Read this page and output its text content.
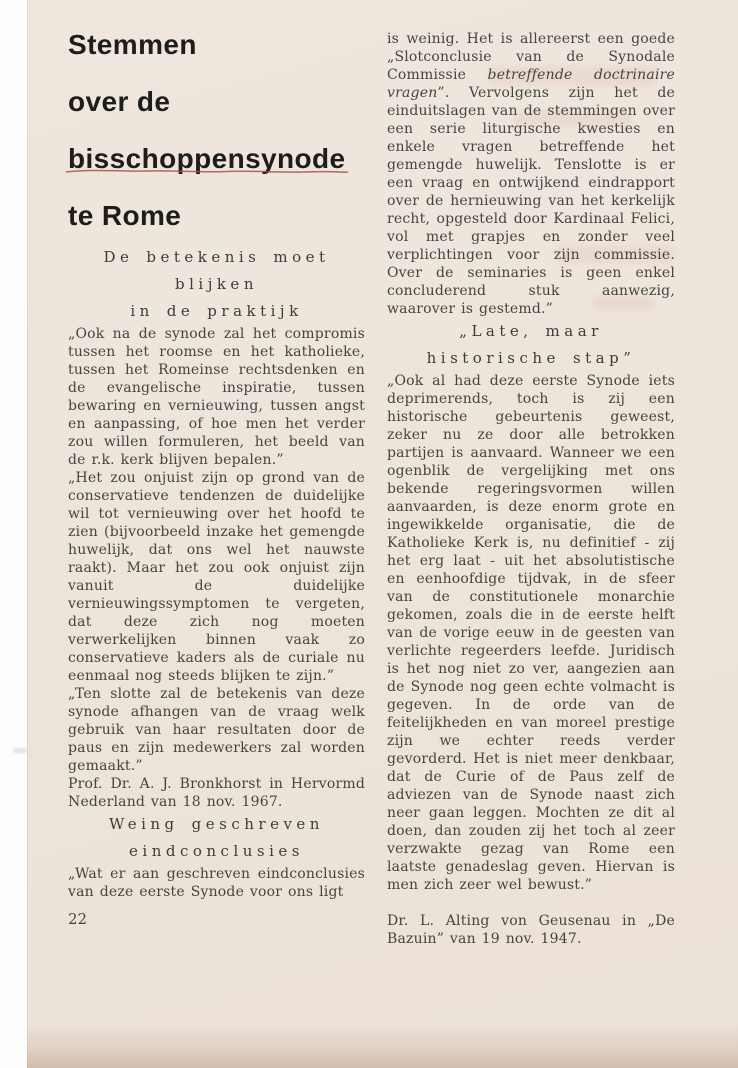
Stemmen
over de
bisschoppensynode
te Rome
De betekenis moet blijken
in de praktijk

„Ook na de synode zal het compromis tussen het roomse en het katholieke, tussen het Romeinse rechtsdenken en de evangelische inspiratie, tussen bewaring en vernieuwing, tussen angst en aanpassing, of hoe men het verder zou willen formuleren, het beeld van de r.k. kerk blijven bepalen.”

„Het zou onjuist zijn op grond van de conservatieve tendenzen de duidelijke wil tot vernieuwing over het hoofd te zien (bijvoorbeeld inzake het gemengde huwelijk, dat ons wel het nauwste raakt). Maar het zou ook onjuist zijn vanuit de duidelijke vernieuwingssymptomen te vergeten, dat deze zich nog moeten verwerkelijken binnen vaak zo conservatieve kaders als de curiale nu eenmaal nog steeds blijken te zijn.”

„Ten slotte zal de betekenis van deze synode afhangen van de vraag welk gebruik van haar resultaten door de paus en zijn medewerkers zal worden gemaakt.”

Prof. Dr. A. J. Bronkhorst in Hervormd Nederland van 18 nov. 1967.

Weing geschreven
eindconclusies

„Wat er aan geschreven eindconclusies van deze eerste Synode voor ons ligt

22

is weinig. Het is allereerst een goede „Slotconclusie van de Synodale Commissie betreffende doctrinaire vragen”. Vervolgens zijn het de einduitslagen van de stemmingen over een serie liturgische kwesties en enkele vragen betreffende het gemengde huwelijk. Tenslotte is er een vraag en ontwijkend eindrapport over de hernieuwing van het kerkelijk recht, opgesteld door Kardinaal Felici, vol met grapjes en zonder veel verplichtingen voor zijn commissie. Over de seminaries is geen enkel concluderend stuk aanwezig, waarover is gestemd.”

„Late, maar
historische stap”

„Ook al had deze eerste Synode iets deprimerends, toch is zij een historische gebeurtenis geweest, zeker nu ze door alle betrokken partijen is aanvaard. Wanneer we een ogenblik de vergelijking met ons bekende regeringsvormen willen aanvaarden, is deze enorm grote en ingewikkelde organisatie, die de Katholieke Kerk is, nu definitief - zij het erg laat - uit het absolutistische en eenhoofdige tijdvak, in de sfeer van de constitutionele monarchie gekomen, zoals die in de eerste helft van de vorige eeuw in de geesten van verlichte regeerders leefde. Juridisch is het nog niet zo ver, aangezien aan de Synode nog geen echte volmacht is gegeven. In de orde van de feitelijkheden en van moreel prestige zijn we echter reeds verder gevorderd. Het is niet meer denkbaar, dat de Curie of de Paus zelf de adviezen van de Synode naast zich neer gaan leggen. Mochten ze dit al doen, dan zouden zij het toch al zeer verzwakte gezag van Rome een laatste genadeslag geven. Hiervan is men zich zeer wel bewust.”

Dr. L. Alting von Geusenau in „De Bazuin” van 19 nov. 1947.
